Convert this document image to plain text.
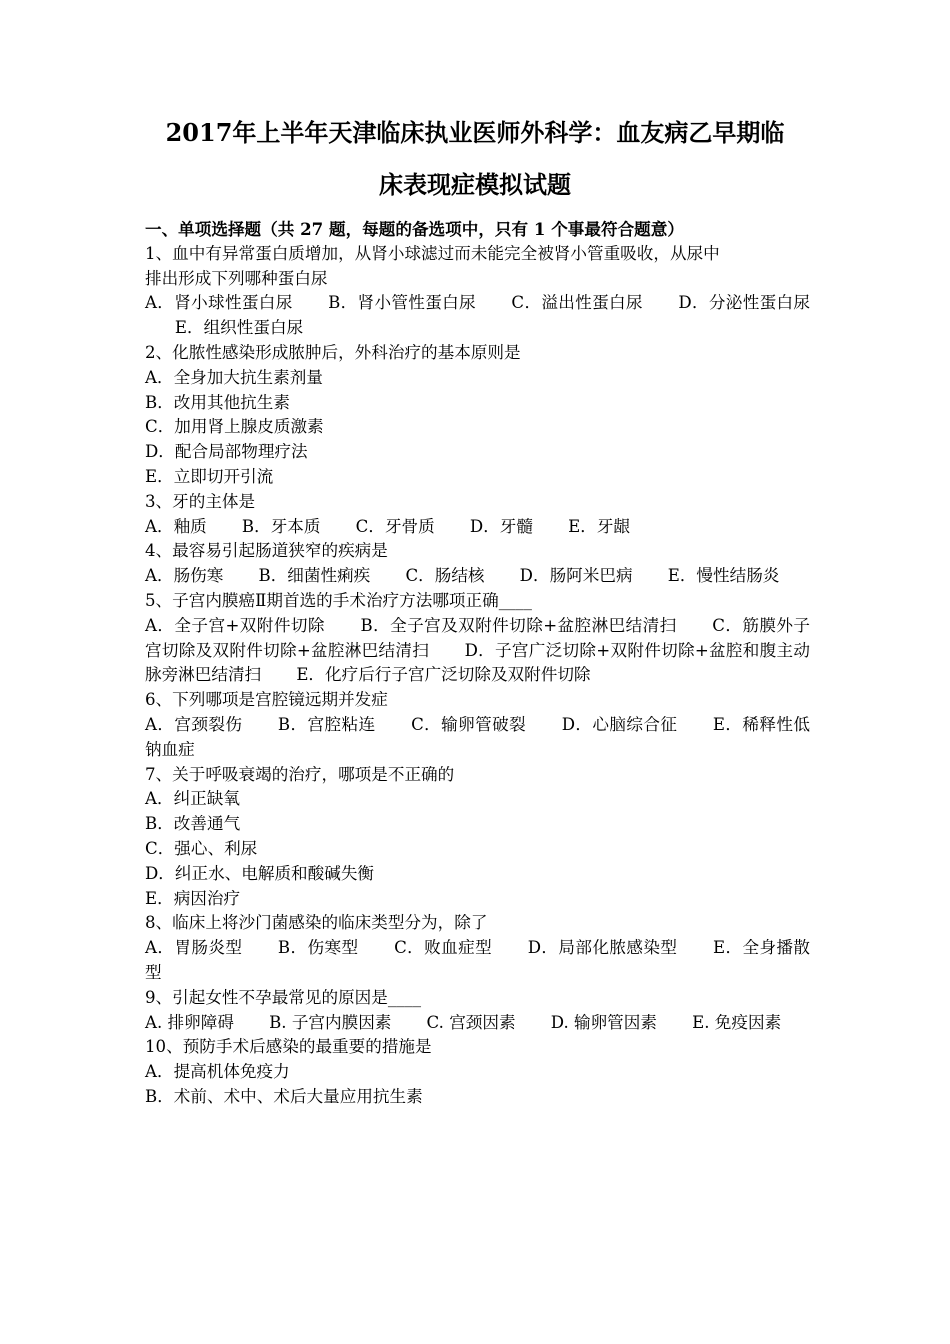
2017年上半年天津临床执业医师外科学：血友病乙早期临
床表现症模拟试题
一、单项选择题（共 27 题，每题的备选项中，只有 1 个事最符合题意）
1、血中有异常蛋白质增加，从肾小球滤过而未能完全被肾小管重吸收，从尿中
排出形成下列哪种蛋白尿
A．肾小球性蛋白尿 B．肾小管性蛋白尿 C．溢出性蛋白尿 D．分泌性蛋白尿 E．组织性蛋白尿
2、化脓性感染形成脓肿后，外科治疗的基本原则是
A．全身加大抗生素剂量
B．改用其他抗生素
C．加用肾上腺皮质激素
D．配合局部物理疗法
E．立即切开引流
3、牙的主体是
A．釉质 B．牙本质 C．牙骨质 D．牙髓 E．牙龈
4、最容易引起肠道狭窄的疾病是
A．肠伤寒 B．细菌性痢疾 C．肠结核 D．肠阿米巴病 E．慢性结肠炎
5、子宫内膜癌Ⅱ期首选的手术治疗方法哪项正确____
A．全子宫+双附件切除 B．全子宫及双附件切除+盆腔淋巴结清扫 C．筋膜外子宫切除及双附件切除+盆腔淋巴结清扫 D．子宫广泛切除+双附件切除+盆腔和腹主动脉旁淋巴结清扫 E．化疗后行子宫广泛切除及双附件切除
6、下列哪项是宫腔镜远期并发症
A．宫颈裂伤 B．宫腔粘连 C．输卵管破裂 D．心脑综合征 E．稀释性低钠血症
7、关于呼吸衰竭的治疗，哪项是不正确的
A．纠正缺氧
B．改善通气
C．强心、利尿
D．纠正水、电解质和酸碱失衡
E．病因治疗
8、临床上将沙门菌感染的临床类型分为，除了
A．胃肠炎型 B．伤寒型 C．败血症型 D．局部化脓感染型 E．全身播散型
9、引起女性不孕最常见的原因是____
A. 排卵障碍 B. 子宫内膜因素 C. 宫颈因素 D. 输卵管因素 E. 免疫因素
10、预防手术后感染的最重要的措施是
A．提高机体免疫力
B．术前、术中、术后大量应用抗生素
